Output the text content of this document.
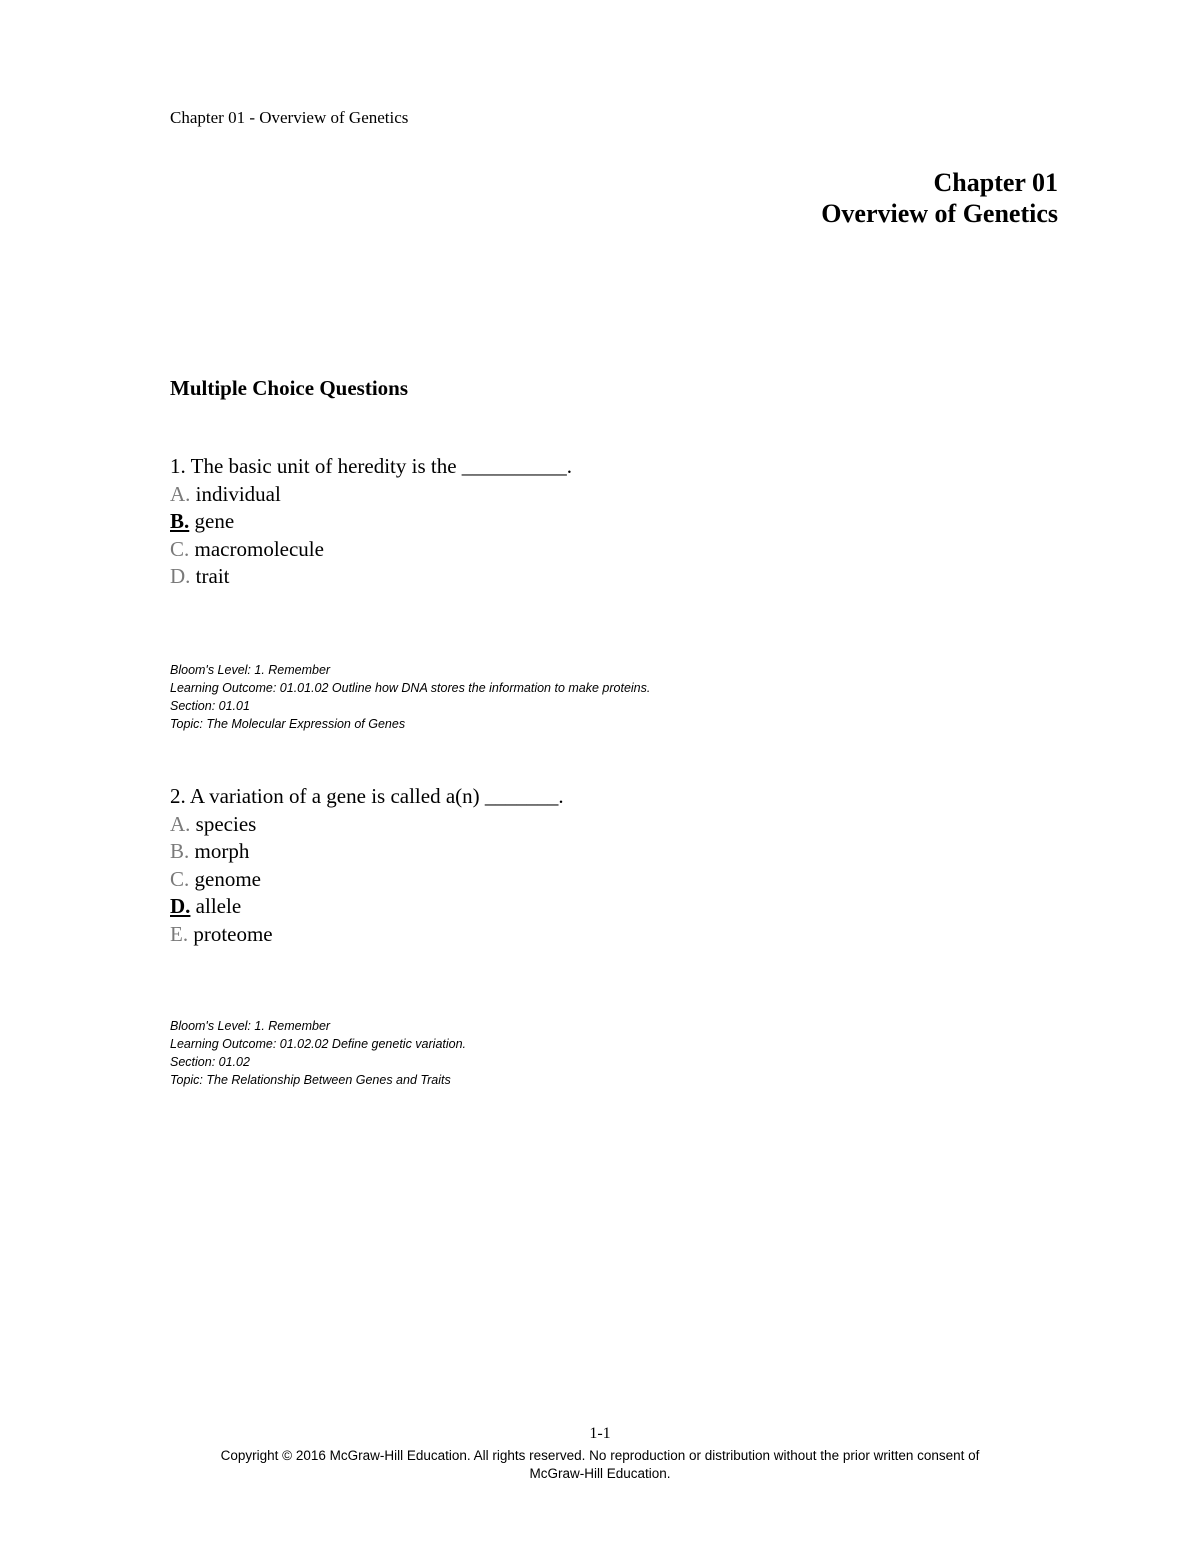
Chapter 01 - Overview of Genetics
Chapter 01
Overview of Genetics
Multiple Choice Questions
1. The basic unit of heredity is the __________.
A. individual
B. gene
C. macromolecule
D. trait
Bloom's Level: 1. Remember
Learning Outcome: 01.01.02 Outline how DNA stores the information to make proteins.
Section: 01.01
Topic: The Molecular Expression of Genes
2. A variation of a gene is called a(n) _______.
A. species
B. morph
C. genome
D. allele
E. proteome
Bloom's Level: 1. Remember
Learning Outcome: 01.02.02 Define genetic variation.
Section: 01.02
Topic: The Relationship Between Genes and Traits
1-1
Copyright © 2016 McGraw-Hill Education. All rights reserved. No reproduction or distribution without the prior written consent of
McGraw-Hill Education.
